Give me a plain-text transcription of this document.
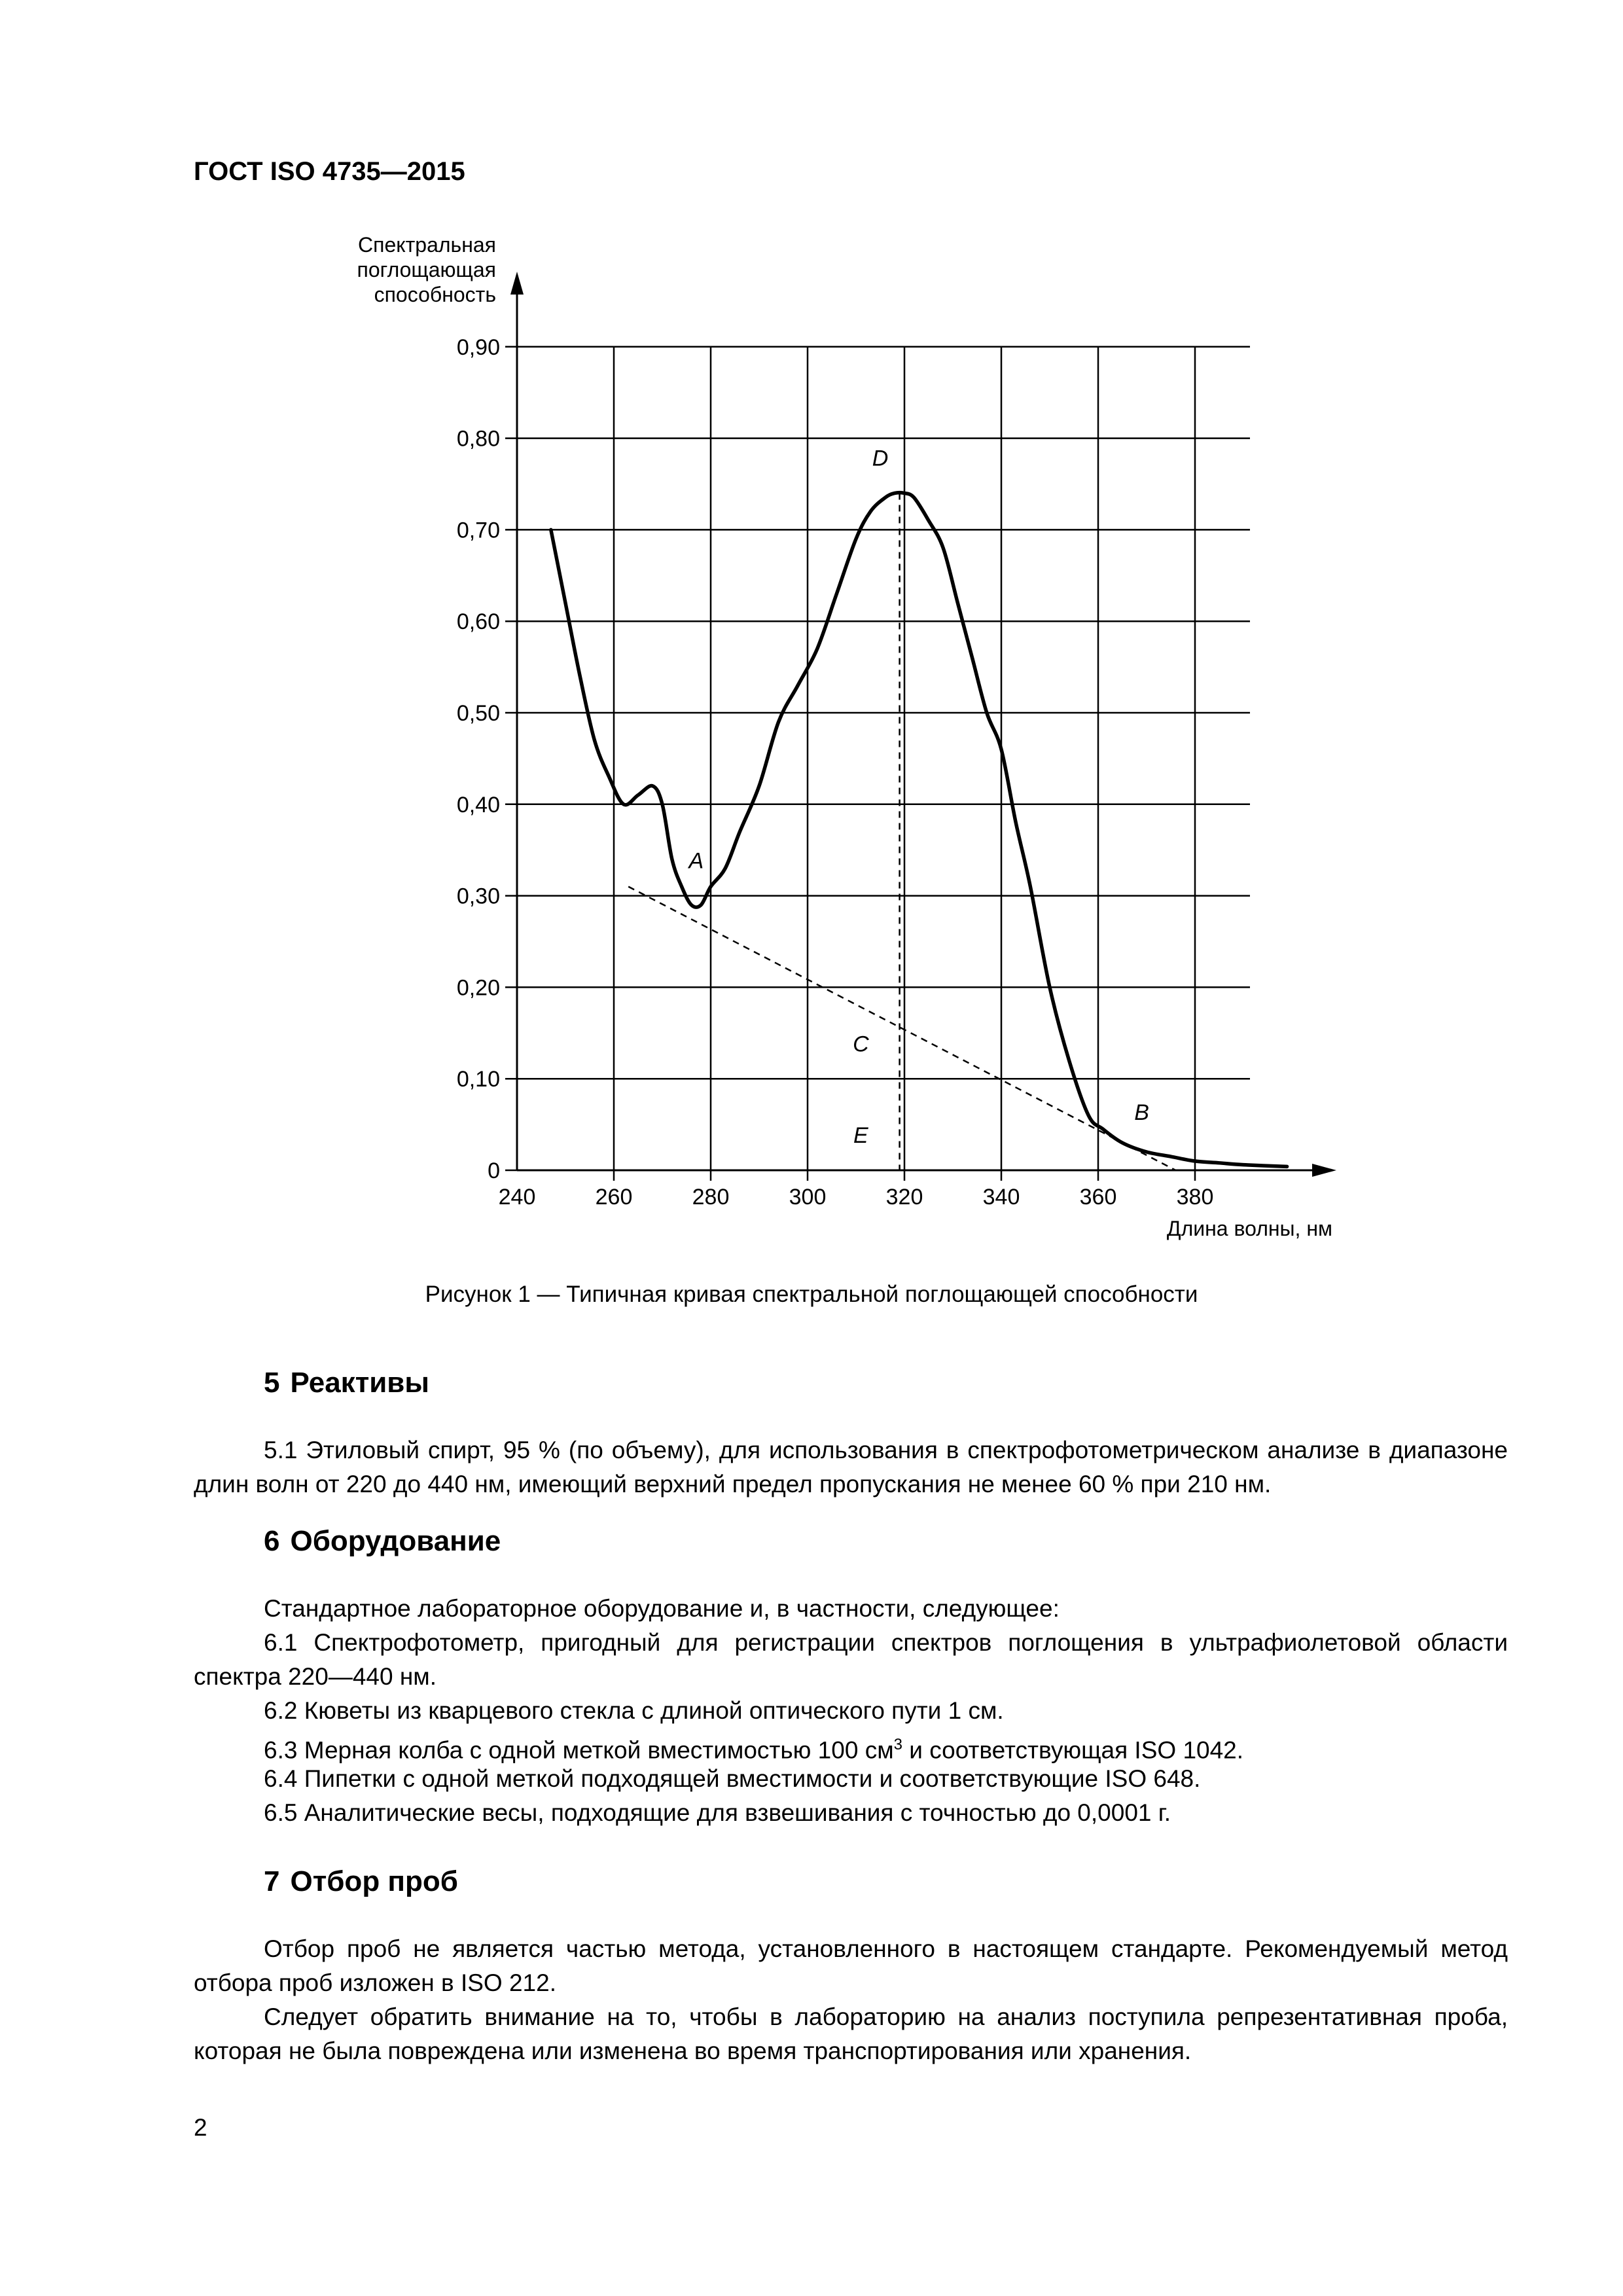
ГОСТ ISO 4735—2015
0
0,10
0,20
0,30
0,40
0,50
0,60
0,70
0,80
0,90
240	260	280	300	320	340	360	380
A
B
C
D
E
Спектральная
поглощающая
способность
Длина волны, нм
Рисунок 1 — Типичная кривая спектральной поглощающей способности
5 Реактивы
5.1 Этиловый спирт, 95 % (по объему), для использования в спектрофотометрическом анализе в диапазоне длин волн от 220 до 440 нм, имеющий верхний предел пропускания не менее 60 % при 210 нм.
6 Оборудование
Стандартное лабораторное оборудование и, в частности, следующее:
6.1 Спектрофотометр, пригодный для регистрации спектров поглощения в ультрафиолетовой области спектра 220—440 нм.
6.2 Кюветы из кварцевого стекла с длиной оптического пути 1 см.
6.3 Мерная колба с одной меткой вместимостью 100 $см^3$ и соответствующая ISO 1042.
6.4 Пипетки с одной меткой подходящей вместимости и соответствующие ISO 648.
6.5 Аналитические весы, подходящие для взвешивания с точностью до 0,0001 г.
7 Отбор проб
Отбор проб не является частью метода, установленного в настоящем стандарте. Рекомендуемый метод отбора проб изложен в ISO 212.
Следует обратить внимание на то, чтобы в лабораторию на анализ поступила репрезентативная проба, которая не была повреждена или изменена во время транспортирования или хранения.
2
